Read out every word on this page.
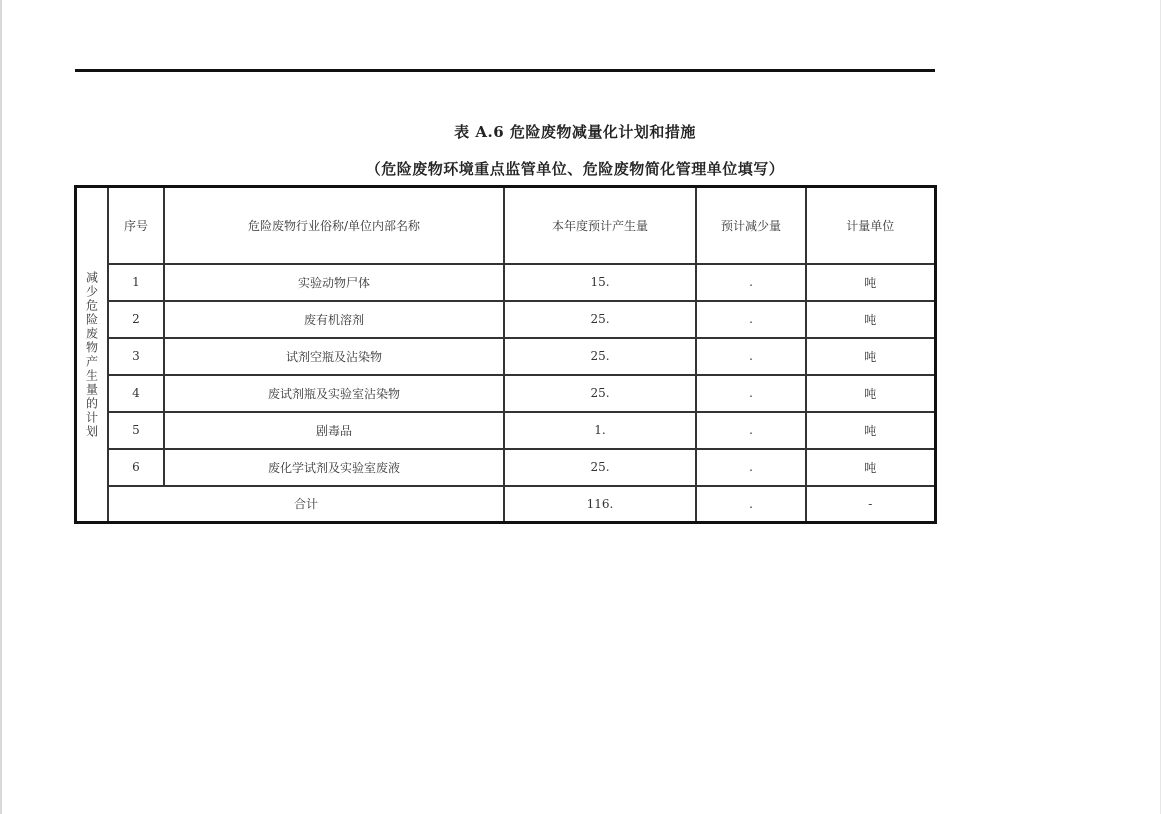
表 A.6 危险废物减量化计划和措施
（危险废物环境重点监管单位、危险废物简化管理单位填写）
减少危险废物产生量的计划	序号	危险废物行业俗称/单位内部名称	本年度预计产生量	预计减少量	计量单位
	1	实验动物尸体	15.	.	吨
	2	废有机溶剂	25.	.	吨
	3	试剂空瓶及沾染物	25.	.	吨
	4	废试剂瓶及实验室沾染物	25.	.	吨
	5	剧毒品	1.	.	吨
	6	废化学试剂及实验室废液	25.	.	吨
	合计		116.	.	-
